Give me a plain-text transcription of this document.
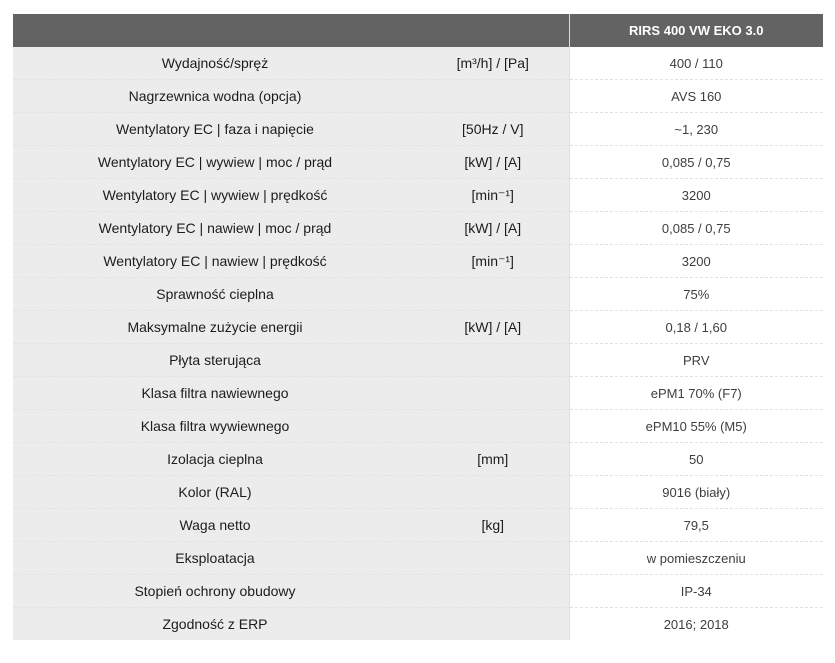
		RIRS 400 VW EKO 3.0
Wydajność/spręż	[m³/h] / [Pa]	400 / 110
Nagrzewnica wodna (opcja)		AVS 160
Wentylatory EC | faza i napięcie	[50Hz / V]	~1, 230
Wentylatory EC | wywiew | moc / prąd	[kW] / [A]	0,085 / 0,75
Wentylatory EC | wywiew | prędkość	[min⁻¹]	3200
Wentylatory EC | nawiew | moc / prąd	[kW] / [A]	0,085 / 0,75
Wentylatory EC | nawiew | prędkość	[min⁻¹]	3200
Sprawność cieplna		75%
Maksymalne zużycie energii	[kW] / [A]	0,18 / 1,60
Płyta sterująca		PRV
Klasa filtra nawiewnego		ePM1 70% (F7)
Klasa filtra wywiewnego		ePM10 55% (M5)
Izolacja cieplna	[mm]	50
Kolor (RAL)		9016 (biały)
Waga netto	[kg]	79,5
Eksploatacja		w pomieszczeniu
Stopień ochrony obudowy		IP-34
Zgodność z ERP		2016; 2018
